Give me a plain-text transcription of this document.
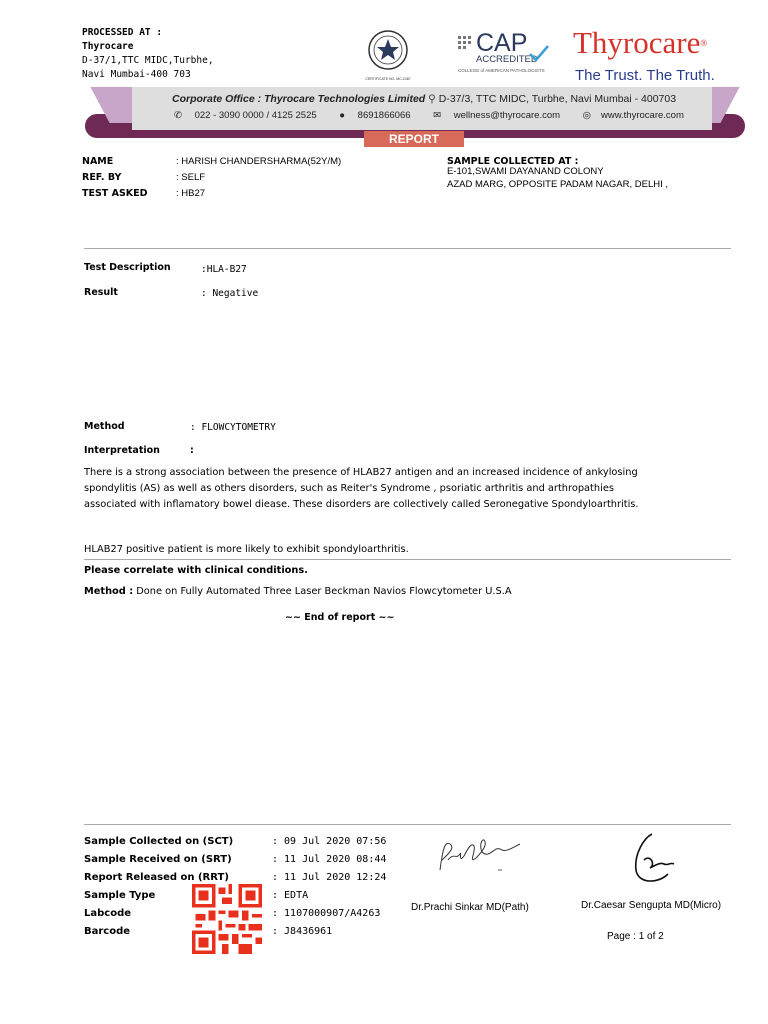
PROCESSED AT :
Thyrocare
D-37/1,TTC MIDC,Turbhe,
Navi Mumbai-400 703	CERTIFICATE NO. MC-2487
CAP
ACCREDITED
COLLEGE of AMERICAN PATHOLOGISTS
Thyrocare®
The Trust. The Truth.
Corporate Office : Thyrocare Technologies Limited ⚲ D-37/3, TTC MIDC, Turbhe, Navi Mumbai - 400703
✆ 022 - 3090 0000 / 4125 2525 ● 8691866066 ✉ wellness@thyrocare.com ◎ www.thyrocare.com
REPORT
NAME	: HARISH CHANDERSHARMA(52Y/M)
REF. BY	: SELF
TEST ASKED	: HB27
SAMPLE COLLECTED AT :
E-101,SWAMI DAYANAND COLONY
AZAD MARG, OPPOSITE PADAM NAGAR, DELHI ,
Test Description	:HLA-B27
Result	: Negative
Method	: FLOWCYTOMETRY
Interpretation	:
There is a strong association between the presence of HLAB27 antigen and an increased incidence of ankylosing spondylitis (AS) as well as others disorders, such as Reiter's Syndrome , psoriatic arthritis and arthropathies associated with inflamatory bowel diease. These disorders are collectively called Seronegative Spondyloarthritis.
HLAB27 positive patient is more likely to exhibit spondyloarthritis.
Please correlate with clinical conditions.
Method : Done on Fully Automated Three Laser Beckman Navios Flowcytometer U.S.A
~~ End of report ~~
Sample Collected on (SCT)	: 09 Jul 2020 07:56
Sample Received on (SRT)	: 11 Jul 2020 08:44
Report Released on (RRT)	: 11 Jul 2020 12:24
Sample Type	: EDTA
Labcode	: 1107000907/A4263
Barcode	: J8436961
Dr.Prachi Sinkar MD(Path)	Dr.Caesar Sengupta MD(Micro)
Page : 1 of 2
